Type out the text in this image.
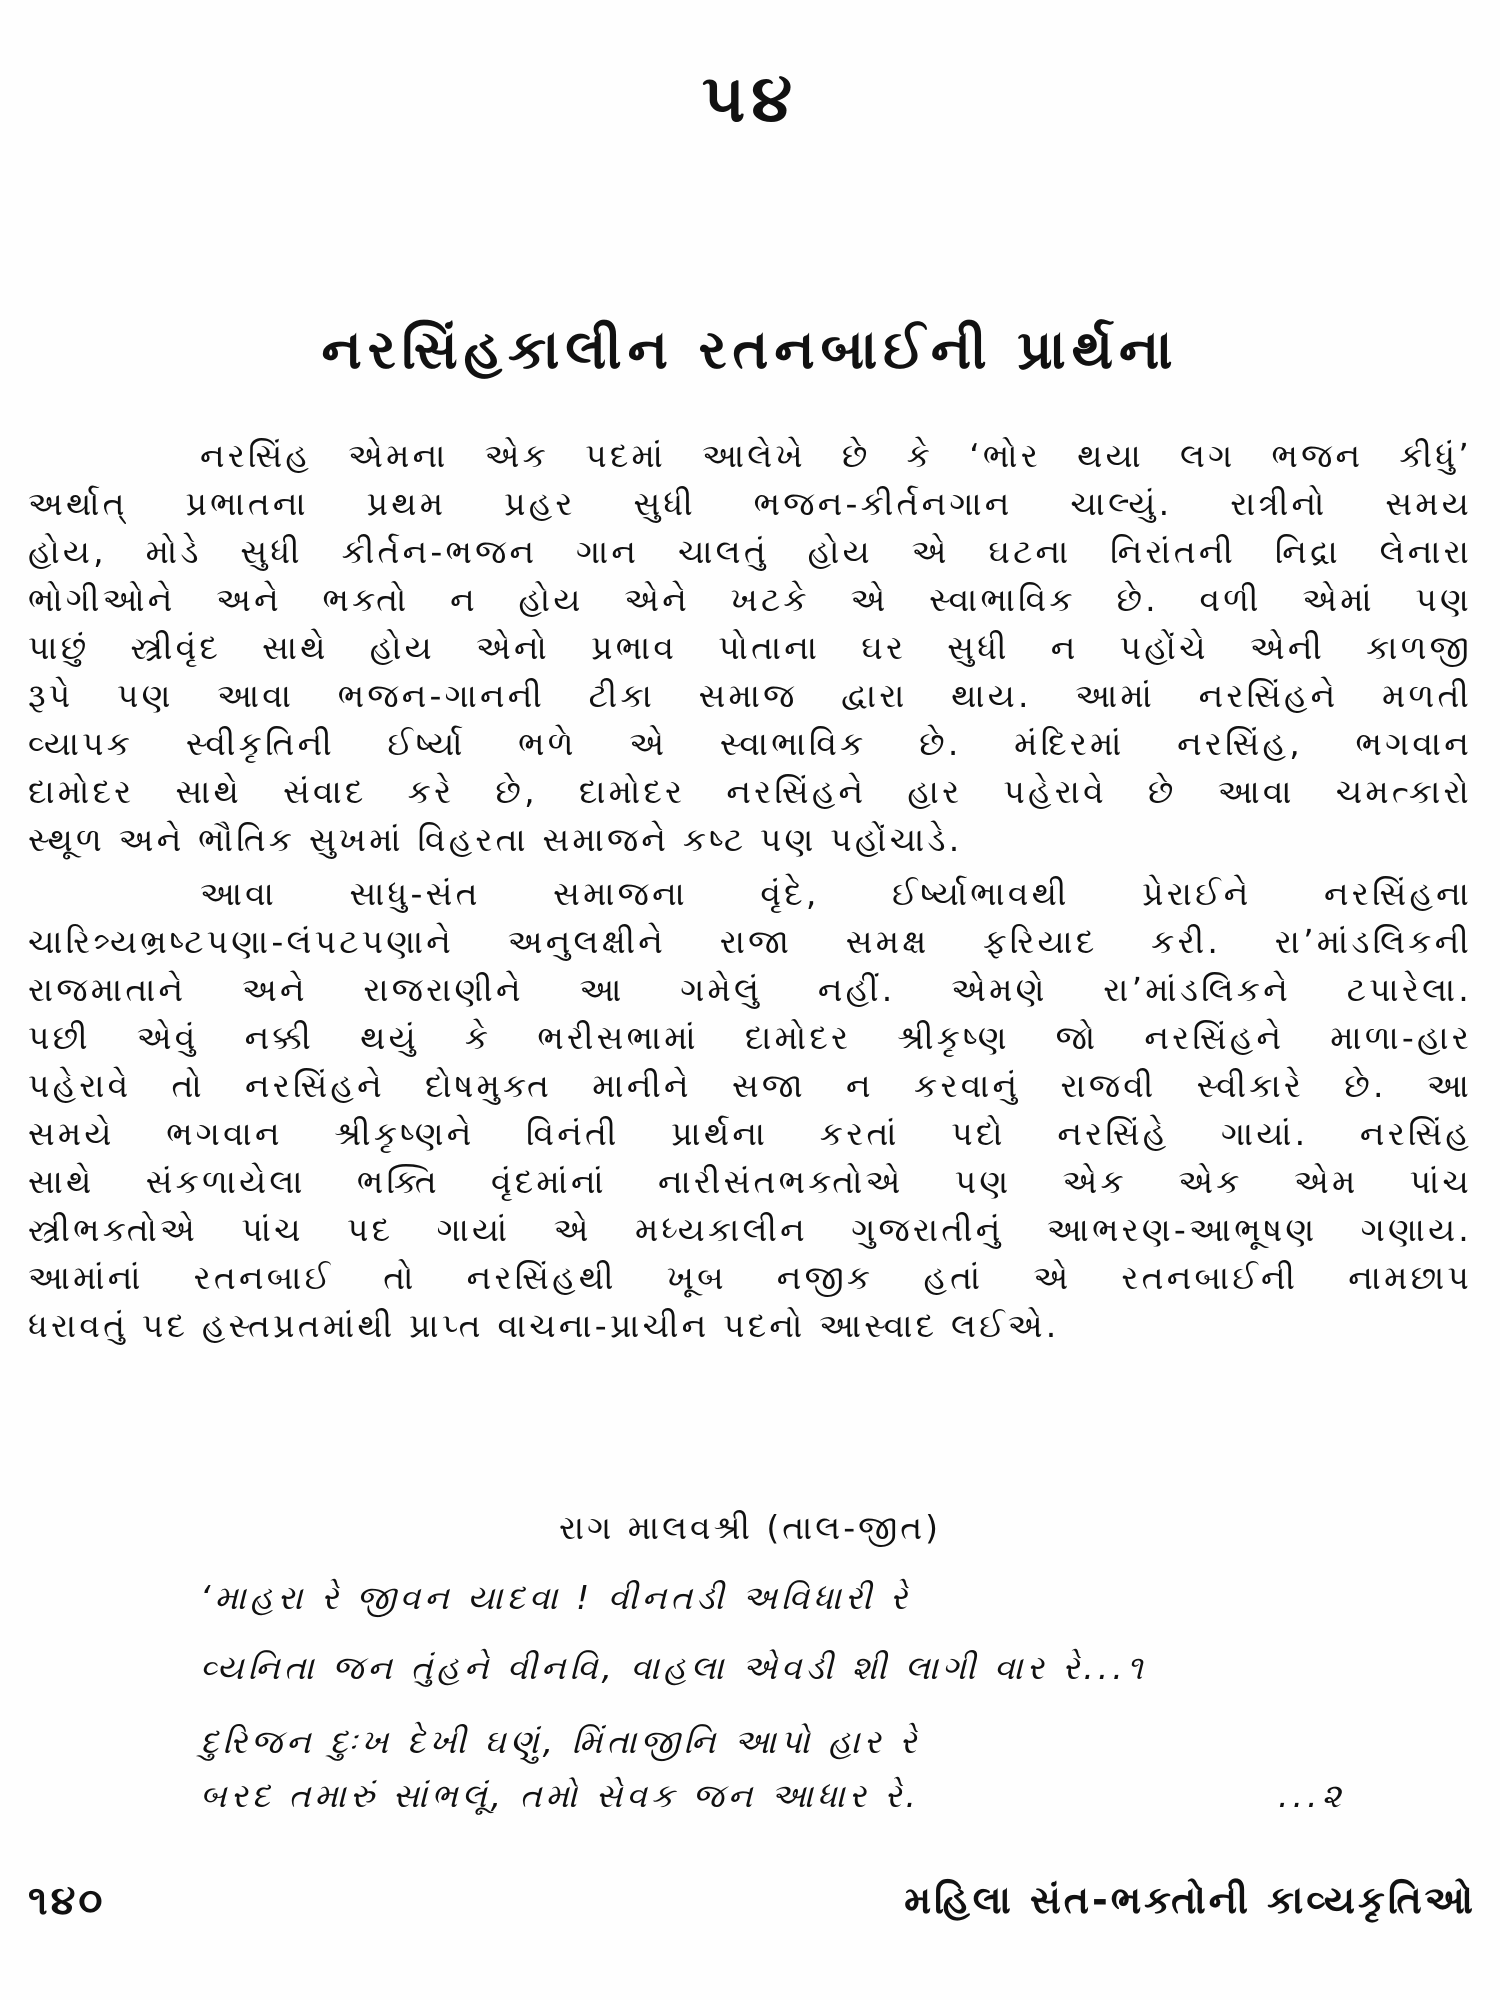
૫૪
નરસિંહકાલીન રતનબાઈની પ્રાર્થના
નરસિંહ એમના એક પદમાં આલેખે છે કે ‘ભોર થયા લગ ભજન કીધું’
અર્થાત્ પ્રભાતના પ્રથમ પ્રહર સુધી ભજન-કીર્તનગાન ચાલ્યું. રાત્રીનો સમય
હોય, મોડે સુધી કીર્તન-ભજન ગાન ચાલતું હોય એ ઘટના નિરાંતની નિદ્રા લેનારા
ભોગીઓને અને ભક્તો ન હોય એને ખટકે એ સ્વાભાવિક છે. વળી એમાં પણ
પાછું સ્ત્રીવૃંદ સાથે હોય એનો પ્રભાવ પોતાના ઘર સુધી ન પહોંચે એની કાળજી
રૂપે પણ આવા ભજન-ગાનની ટીકા સમાજ દ્વારા થાય. આમાં નરસિંહને મળતી
વ્યાપક સ્વીકૃતિની ઈર્ષ્યા ભળે એ સ્વાભાવિક છે. મંદિરમાં નરસિંહ, ભગવાન
દામોદર સાથે સંવાદ કરે છે, દામોદર નરસિંહને હાર પહેરાવે છે આવા ચમત્કારો
સ્થૂળ અને ભૌતિક સુખમાં વિહરતા સમાજને કષ્ટ પણ પહોંચાડે.
આવા સાધુ-સંત સમાજના વૃંદે, ઈર્ષ્યાભાવથી પ્રેરાઈને નરસિંહના
ચારિત્ર્યભ્રષ્ટપણા-લંપટપણાને અનુલક્ષીને રાજા સમક્ષ ફરિયાદ કરી. રા’માંડલિકની
રાજમાતાને અને રાજરાણીને આ ગમેલું નહીં. એમણે રા’માંડલિકને ટપારેલા.
પછી એવું નક્કી થયું કે ભરીસભામાં દામોદર શ્રીકૃષ્ણ જો નરસિંહને માળા-હાર
પહેરાવે તો નરસિંહને દોષમુક્ત માનીને સજા ન કરવાનું રાજવી સ્વીકારે છે. આ
સમયે ભગવાન શ્રીકૃષ્ણને વિનંતી પ્રાર્થના કરતાં પદો નરસિંહે ગાયાં. નરસિંહ
સાથે સંકળાયેલા ભક્તિ વૃંદમાંનાં નારીસંતભક્તોએ પણ એક એક એમ પાંચ
સ્ત્રીભક્તોએ પાંચ પદ ગાયાં એ મધ્યકાલીન ગુજરાતીનું આભરણ-આભૂષણ ગણાય.
આમાંનાં રતનબાઈ તો નરસિંહથી ખૂબ નજીક હતાં એ રતનબાઈની નામછાપ
ધરાવતું પદ હસ્તપ્રતમાંથી પ્રાપ્ત વાચના-પ્રાચીન પદનો આસ્વાદ લઈએ.
રાગ માલવશ્રી (તાલ-જીત)
‘માહરા રે જીવન યાદવા ! વીનતડી અવિધારી રે
વ્યનિતા જન તુંહને વીનવિ, વાહલા એવડી શી લાગી વાર રે...૧
દુરિજન દુઃખ દેખી ઘણું, મિંતાજીનિ આપો હાર રે
બરદ તમારું સાંભલૂં, તમો સેવક જન આધાર રે.	...૨
૧૪૦	મહિલા સંત-ભક્તોની કાવ્યકૃતિઓ
